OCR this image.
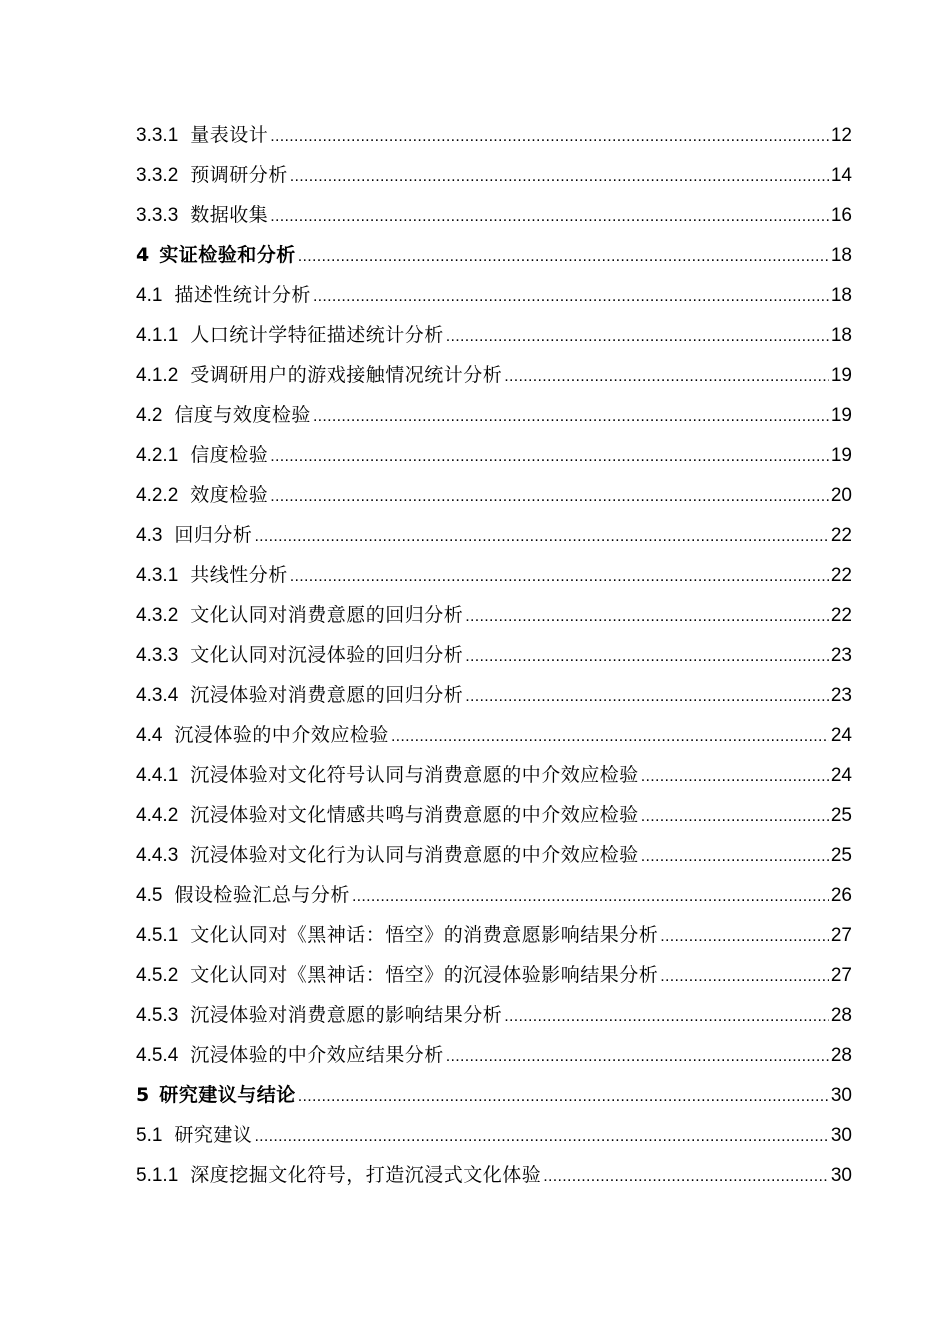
3.3.1 量表设计 .....	12
3.3.2 预调研分析 .....	14
3.3.3 数据收集 .....	16
4 实证检验和分析 .....	18
4.1 描述性统计分析 .....	18
4.1.1 人口统计学特征描述统计分析 .....	18
4.1.2 受调研用户的游戏接触情况统计分析 .....	19
4.2 信度与效度检验 .....	19
4.2.1 信度检验 .....	19
4.2.2 效度检验 .....	20
4.3 回归分析 .....	22
4.3.1 共线性分析 .....	22
4.3.2 文化认同对消费意愿的回归分析 .....	22
4.3.3 文化认同对沉浸体验的回归分析 .....	23
4.3.4 沉浸体验对消费意愿的回归分析 .....	23
4.4 沉浸体验的中介效应检验 .....	24
4.4.1 沉浸体验对文化符号认同与消费意愿的中介效应检验 .....	24
4.4.2 沉浸体验对文化情感共鸣与消费意愿的中介效应检验 .....	25
4.4.3 沉浸体验对文化行为认同与消费意愿的中介效应检验 .....	25
4.5 假设检验汇总与分析 .....	26
4.5.1 文化认同对《黑神话：悟空》的消费意愿影响结果分析 .....	27
4.5.2 文化认同对《黑神话：悟空》的沉浸体验影响结果分析 .....	27
4.5.3 沉浸体验对消费意愿的影响结果分析 .....	28
4.5.4 沉浸体验的中介效应结果分析 .....	28
5 研究建议与结论 .....	30
5.1 研究建议 .....	30
5.1.1 深度挖掘文化符号，打造沉浸式文化体验 .....	30
